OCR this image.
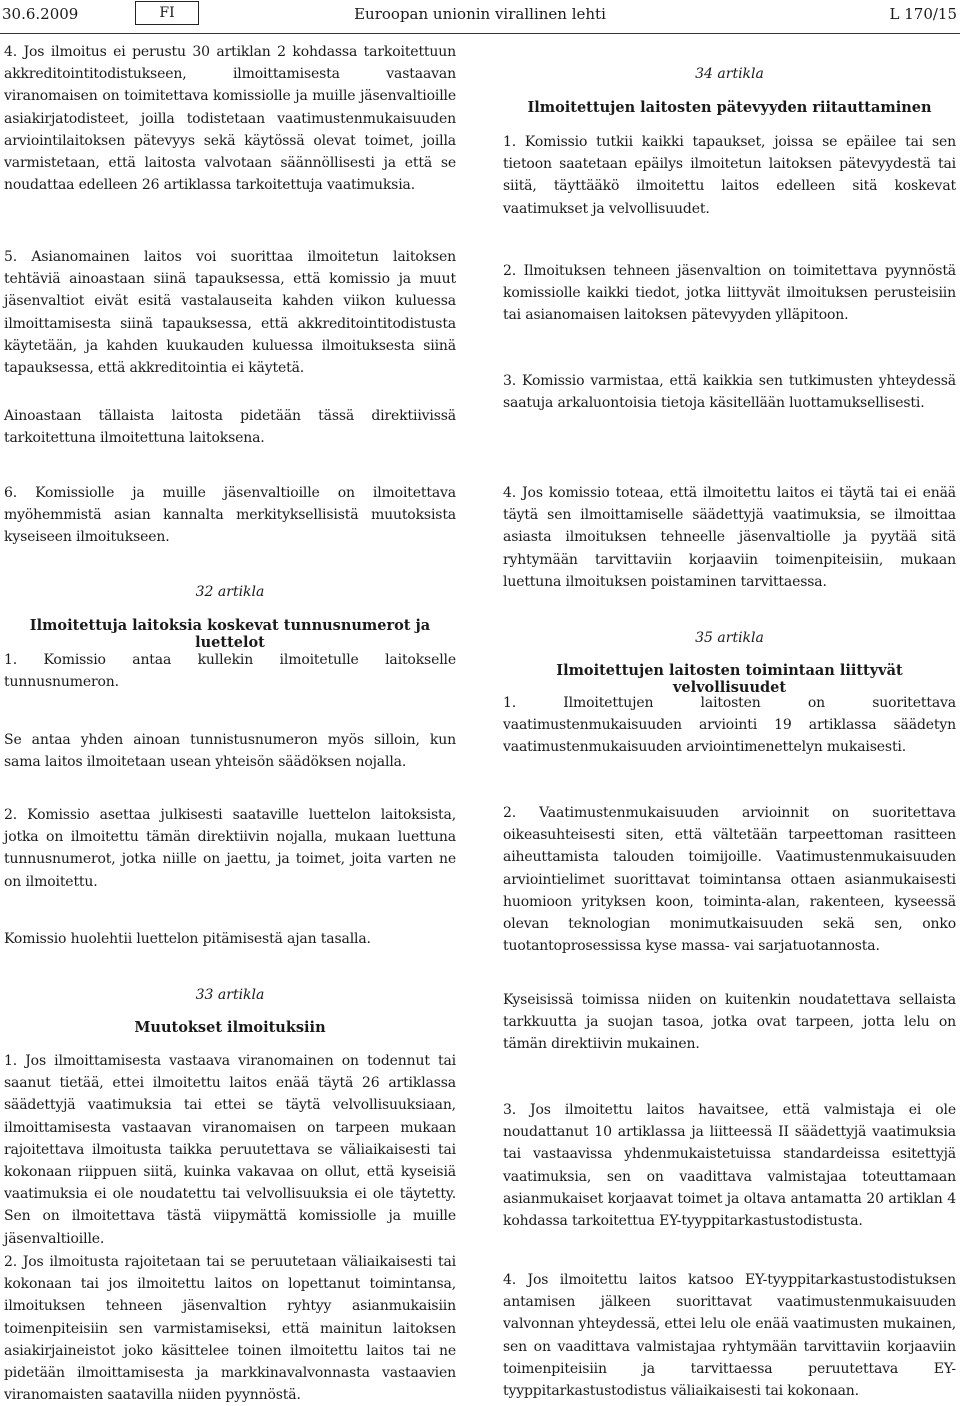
30.6.2009	FI	Euroopan unionin virallinen lehti	L 170/15

4. Jos ilmoitus ei perustu 30 artiklan 2 kohdassa tarkoitettuun akkreditointitodistukseen, ilmoittamisesta vastaavan viranomaisen on toimitettava komissiolle ja muille jäsenvaltioille asiakirjatodisteet, joilla todistetaan vaatimustenmukaisuuden arviointilaitoksen pätevyys sekä käytössä olevat toimet, joilla varmistetaan, että laitosta valvotaan säännöllisesti ja että se noudattaa edelleen 26 artiklassa tarkoitettuja vaatimuksia.

5. Asianomainen laitos voi suorittaa ilmoitetun laitoksen tehtäviä ainoastaan siinä tapauksessa, että komissio ja muut jäsenvaltiot eivät esitä vastalauseita kahden viikon kuluessa ilmoittamisesta siinä tapauksessa, että akkreditointitodistusta käytetään, ja kahden kuukauden kuluessa ilmoituksesta siinä tapauksessa, että akkreditointia ei käytetä.

Ainoastaan tällaista laitosta pidetään tässä direktiivissä tarkoitettuna ilmoitettuna laitoksena.

6. Komissiolle ja muille jäsenvaltioille on ilmoitettava myöhemmistä asian kannalta merkityksellisistä muutoksista kyseiseen ilmoitukseen.

32 artikla
Ilmoitettuja laitoksia koskevat tunnusnumerot ja luettelot

1. Komissio antaa kullekin ilmoitetulle laitokselle tunnusnumeron.

Se antaa yhden ainoan tunnistusnumeron myös silloin, kun sama laitos ilmoitetaan usean yhteisön säädöksen nojalla.

2. Komissio asettaa julkisesti saataville luettelon laitoksista, jotka on ilmoitettu tämän direktiivin nojalla, mukaan luettuna tunnusnumerot, jotka niille on jaettu, ja toimet, joita varten ne on ilmoitettu.

Komissio huolehtii luettelon pitämisestä ajan tasalla.

33 artikla
Muutokset ilmoituksiin

1. Jos ilmoittamisesta vastaava viranomainen on todennut tai saanut tietää, ettei ilmoitettu laitos enää täytä 26 artiklassa säädettyjä vaatimuksia tai ettei se täytä velvollisuuksiaan, ilmoittamisesta vastaavan viranomaisen on tarpeen mukaan rajoitettava ilmoitusta taikka peruutettava se väliaikaisesti tai kokonaan riippuen siitä, kuinka vakavaa on ollut, että kyseisiä vaatimuksia ei ole noudatettu tai velvollisuuksia ei ole täytetty. Sen on ilmoitettava tästä viipymättä komissiolle ja muille jäsenvaltioille.

2. Jos ilmoitusta rajoitetaan tai se peruutetaan väliaikaisesti tai kokonaan tai jos ilmoitettu laitos on lopettanut toimintansa, ilmoituksen tehneen jäsenvaltion ryhtyy asianmukaisiin toimenpiteisiin sen varmistamiseksi, että mainitun laitoksen asiakirjaineistot joko käsittelee toinen ilmoitettu laitos tai ne pidetään ilmoittamisesta ja markkinavalvonnasta vastaavien viranomaisten saatavilla niiden pyynnöstä.

34 artikla
Ilmoitettujen laitosten pätevyyden riitauttaminen

1. Komissio tutkii kaikki tapaukset, joissa se epäilee tai sen tietoon saatetaan epäilys ilmoitetun laitoksen pätevyydestä tai siitä, täyttääkö ilmoitettu laitos edelleen sitä koskevat vaatimukset ja velvollisuudet.

2. Ilmoituksen tehneen jäsenvaltion on toimitettava pyynnöstä komissiolle kaikki tiedot, jotka liittyvät ilmoituksen perusteisiin tai asianomaisen laitoksen pätevyyden ylläpitoon.

3. Komissio varmistaa, että kaikkia sen tutkimusten yhteydessä saatuja arkaluontoisia tietoja käsitellään luottamuksellisesti.

4. Jos komissio toteaa, että ilmoitettu laitos ei täytä tai ei enää täytä sen ilmoittamiselle säädettyjä vaatimuksia, se ilmoittaa asiasta ilmoituksen tehneelle jäsenvaltiolle ja pyytää sitä ryhtymään tarvittaviin korjaaviin toimenpiteisiin, mukaan luettuna ilmoituksen poistaminen tarvittaessa.

35 artikla
Ilmoitettujen laitosten toimintaan liittyvät velvollisuudet

1. Ilmoitettujen laitosten on suoritettava vaatimustenmukaisuuden arviointi 19 artiklassa säädetyn vaatimustenmukaisuuden arviointimenettelyn mukaisesti.

2. Vaatimustenmukaisuuden arvioinnit on suoritettava oikeasuhteisesti siten, että vältetään tarpeettoman rasitteen aiheuttamista talouden toimijoille. Vaatimustenmukaisuuden arviointielimet suorittavat toimintansa ottaen asianmukaisesti huomioon yrityksen koon, toiminta-alan, rakenteen, kyseessä olevan teknologian monimutkaisuuden sekä sen, onko tuotantoprosessissa kyse massa- vai sarjatuotannosta.

Kyseisissä toimissa niiden on kuitenkin noudatettava sellaista tarkkuutta ja suojan tasoa, jotka ovat tarpeen, jotta lelu on tämän direktiivin mukainen.

3. Jos ilmoitettu laitos havaitsee, että valmistaja ei ole noudattanut 10 artiklassa ja liitteessä II säädettyjä vaatimuksia tai vastaavissa yhdenmukaistetuissa standardeissa esitettyjä vaatimuksia, sen on vaadittava valmistajaa toteuttamaan asianmukaiset korjaavat toimet ja oltava antamatta 20 artiklan 4 kohdassa tarkoitettua EY-tyyppitarkastustodistusta.

4. Jos ilmoitettu laitos katsoo EY-tyyppitarkastustodistuksen antamisen jälkeen suorittavat vaatimustenmukaisuuden valvonnan yhteydessä, ettei lelu ole enää vaatimusten mukainen, sen on vaadittava valmistajaa ryhtymään tarvittaviin korjaaviin toimenpiteisiin ja tarvittaessa peruutettava EY-tyyppitarkastustodistus väliaikaisesti tai kokonaan.
